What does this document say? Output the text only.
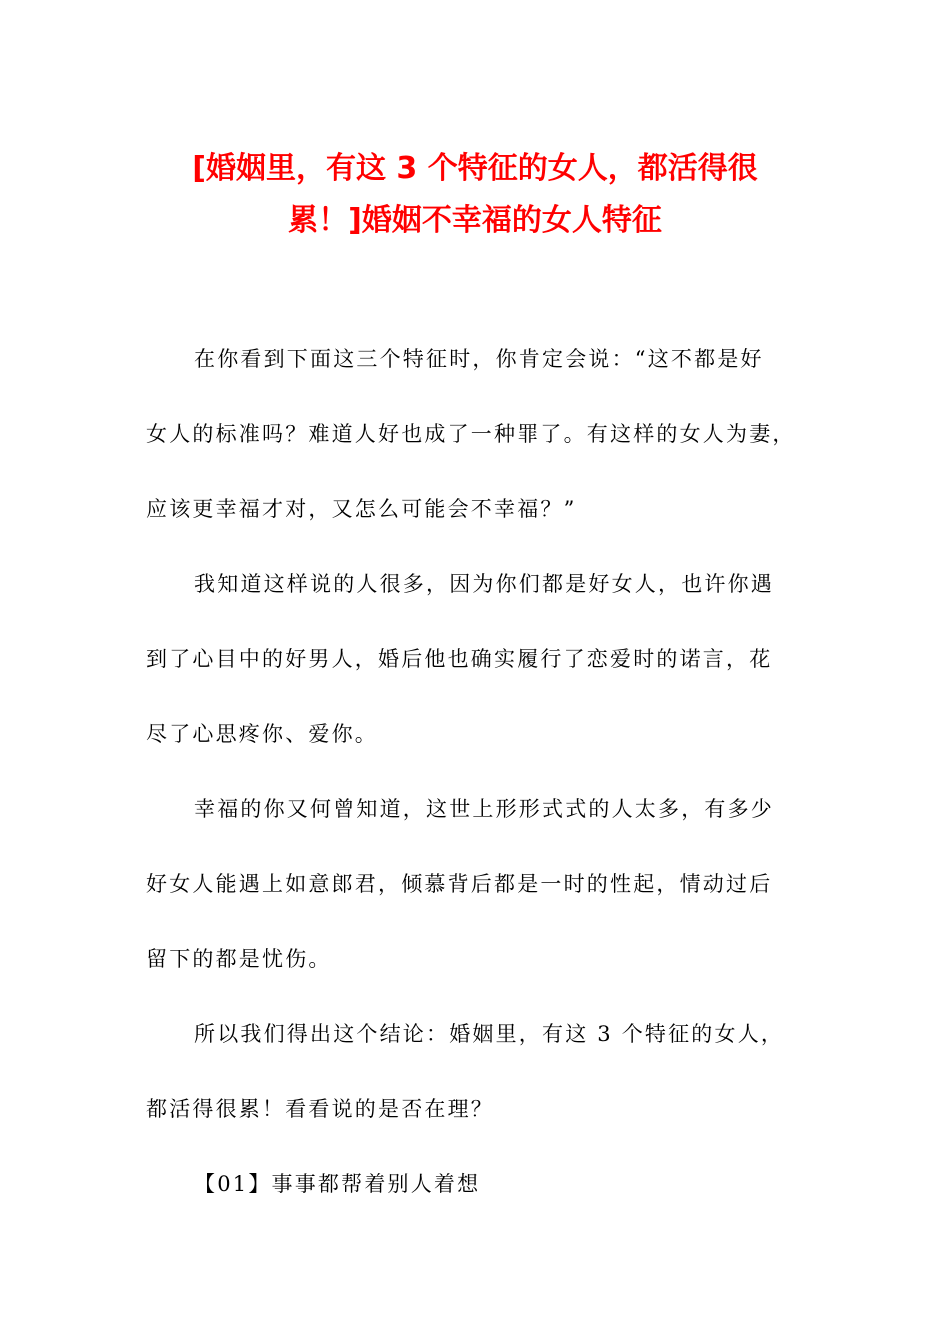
[婚姻里，有这 3 个特征的女人，都活得很
累！]婚姻不幸福的女人特征

在你看到下面这三个特征时，你肯定会说：“这不都是好
女人的标准吗？难道人好也成了一种罪了。有这样的女人为妻，
应该更幸福才对，又怎么可能会不幸福？”

我知道这样说的人很多，因为你们都是好女人，也许你遇
到了心目中的好男人，婚后他也确实履行了恋爱时的诺言，花
尽了心思疼你、爱你。

幸福的你又何曾知道，这世上形形式式的人太多，有多少
好女人能遇上如意郎君，倾慕背后都是一时的性起，情动过后
留下的都是忧伤。

所以我们得出这个结论：婚姻里，有这 3 个特征的女人，
都活得很累！看看说的是否在理？

【01】事事都帮着别人着想
